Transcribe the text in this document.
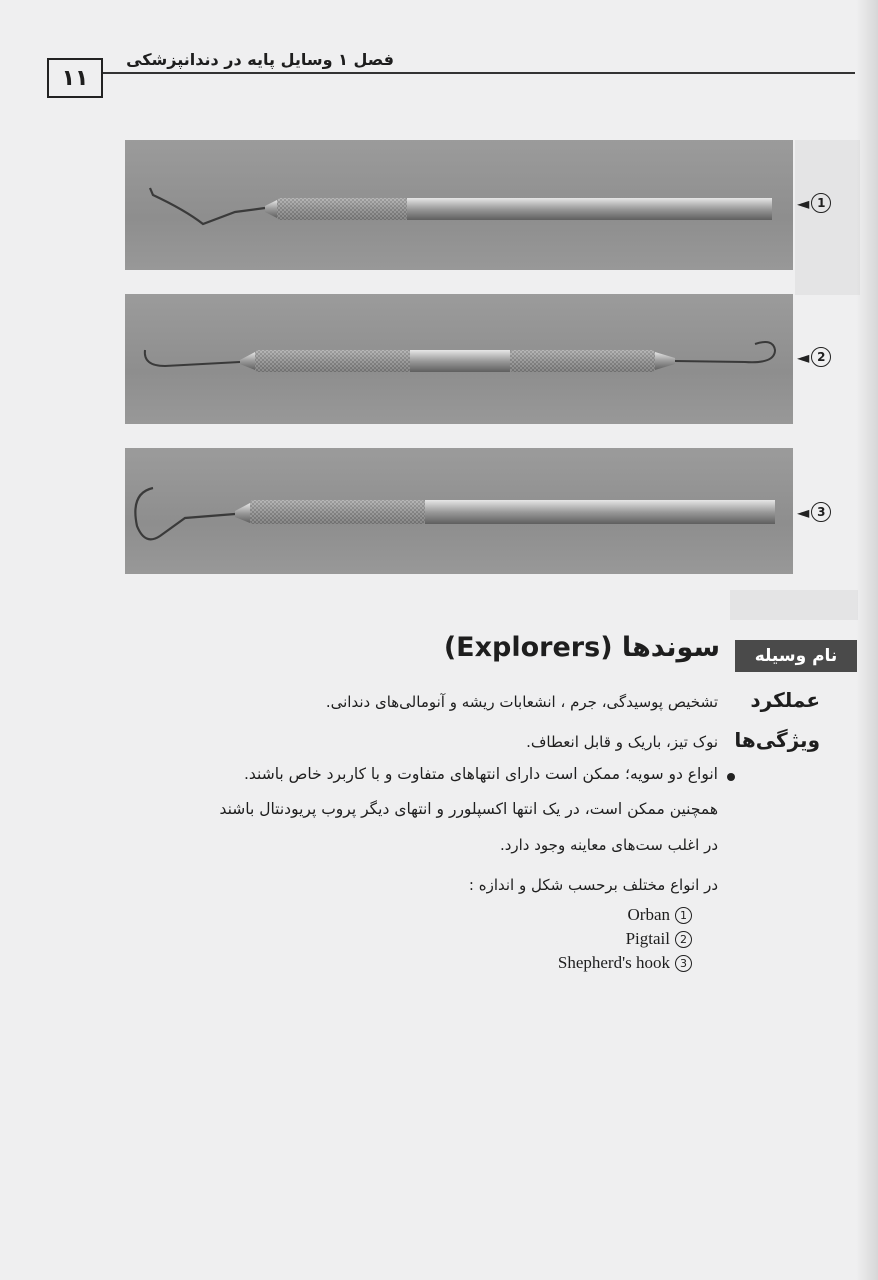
۱۱
فصل ۱ وسایل پایه در دندانپزشکی
◄ 1
◄ 2
◄ 3
نام وسیله
سوندها (Explorers)
عملکرد
تشخیص پوسیدگی، جرم ، انشعابات ریشه و آنومالی‌های دندانی.
ویژگی‌ها
نوک تیز، باریک و قابل انعطاف.
انواع دو سویه؛ ممکن است دارای انتهاهای متفاوت و با کاربرد خاص باشند.
همچنین ممکن است، در یک انتها اکسپلورر و انتهای دیگر پروب پریودنتال باشند
در اغلب ست‌های معاینه وجود دارد.
در انواع مختلف برحسب شکل و اندازه :
Orban 1
Pigtail 2
Shepherd's hook 3
